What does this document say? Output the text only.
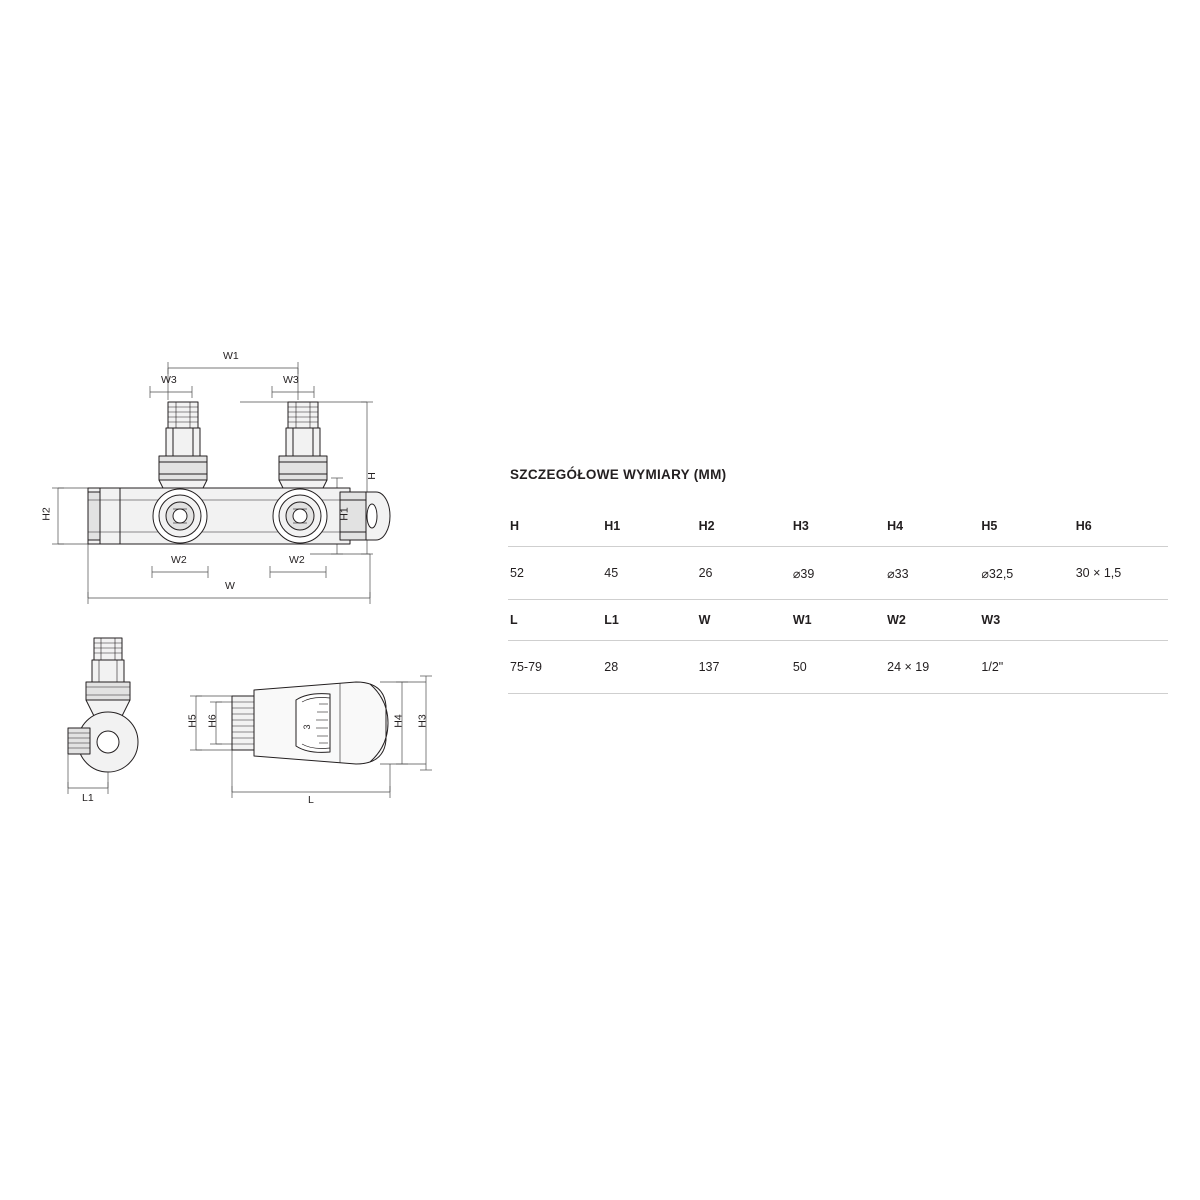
W1
W3	W3
H
H1
H2
W2	W2
W
L1
3
H5 H6	H4 H3
L
SZCZEGÓŁOWE WYMIARY (MM)
H	H1	H2	H3	H4	H5	H6
52	45	26	⌀39	⌀33	⌀32,5	30 × 1,5
L	L1	W	W1	W2	W3	
75-79	28	137	50	24 × 19	1/2"	
